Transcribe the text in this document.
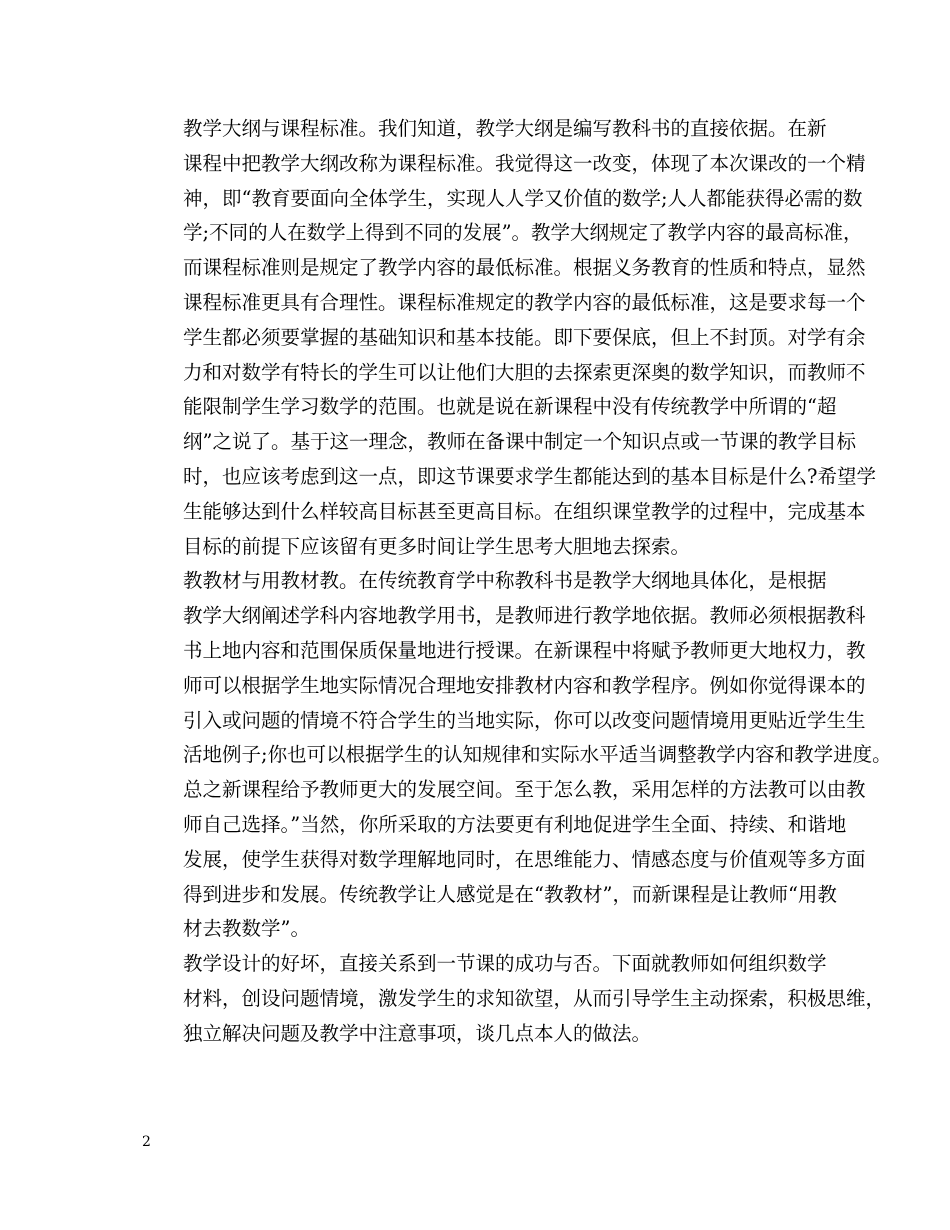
教学大纲与课程标准。我们知道，教学大纲是编写教科书的直接依据。在新
课程中把教学大纲改称为课程标准。我觉得这一改变，体现了本次课改的一个精
神，即“教育要面向全体学生，实现人人学又价值的数学;人人都能获得必需的数
学;不同的人在数学上得到不同的发展”。教学大纲规定了教学内容的最高标准，
而课程标准则是规定了教学内容的最低标准。根据义务教育的性质和特点，显然
课程标准更具有合理性。课程标准规定的教学内容的最低标准，这是要求每一个
学生都必须要掌握的基础知识和基本技能。即下要保底，但上不封顶。对学有余
力和对数学有特长的学生可以让他们大胆的去探索更深奥的数学知识，而教师不
能限制学生学习数学的范围。也就是说在新课程中没有传统教学中所谓的“超
纲”之说了。基于这一理念，教师在备课中制定一个知识点或一节课的教学目标
时，也应该考虑到这一点，即这节课要求学生都能达到的基本目标是什么?希望学
生能够达到什么样较高目标甚至更高目标。在组织课堂教学的过程中，完成基本
目标的前提下应该留有更多时间让学生思考大胆地去探索。

教教材与用教材教。在传统教育学中称教科书是教学大纲地具体化，是根据
教学大纲阐述学科内容地教学用书，是教师进行教学地依据。教师必须根据教科
书上地内容和范围保质保量地进行授课。在新课程中将赋予教师更大地权力，教
师可以根据学生地实际情况合理地安排教材内容和教学程序。例如你觉得课本的
引入或问题的情境不符合学生的当地实际，你可以改变问题情境用更贴近学生生
活地例子;你也可以根据学生的认知规律和实际水平适当调整教学内容和教学进度。
总之新课程给予教师更大的发展空间。至于怎么教，采用怎样的方法教可以由教
师自己选择。”当然，你所采取的方法要更有利地促进学生全面、持续、和谐地
发展，使学生获得对数学理解地同时，在思维能力、情感态度与价值观等多方面
得到进步和发展。传统教学让人感觉是在“教教材”，而新课程是让教师“用教
材去教数学”。

教学设计的好坏，直接关系到一节课的成功与否。下面就教师如何组织数学
材料，创设问题情境，激发学生的求知欲望，从而引导学生主动探索，积极思维，
独立解决问题及教学中注意事项，谈几点本人的做法。

2
